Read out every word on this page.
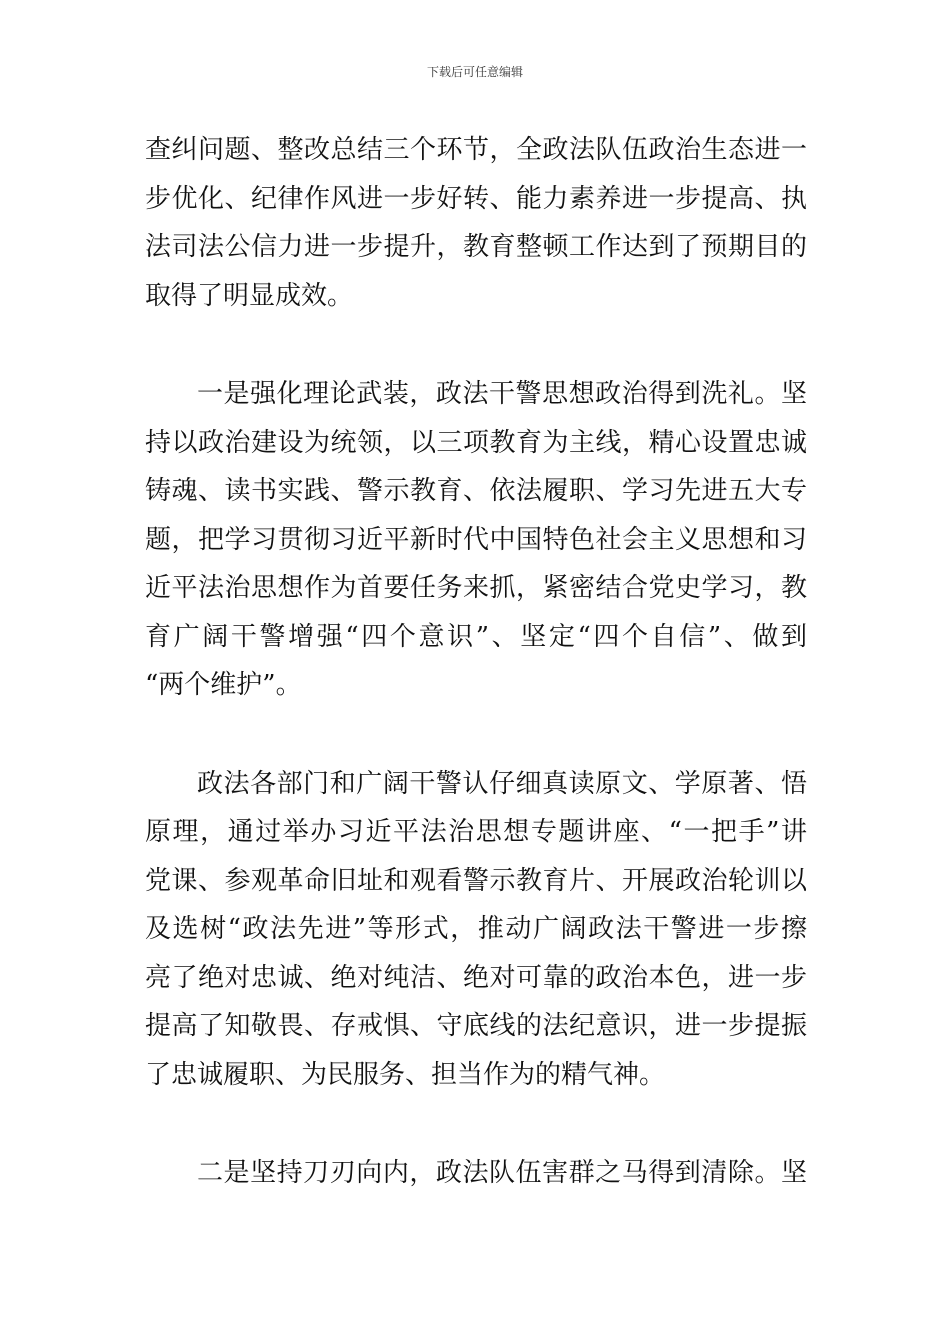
下载后可任意编辑
查纠问题、整改总结三个环节，全政法队伍政治生态进一
步优化、纪律作风进一步好转、能力素养进一步提高、执
法司法公信力进一步提升，教育整顿工作达到了预期目的
取得了明显成效。
一是强化理论武装，政法干警思想政治得到洗礼。坚
持以政治建设为统领，以三项教育为主线，精心设置忠诚
铸魂、读书实践、警示教育、依法履职、学习先进五大专
题，把学习贯彻习近平新时代中国特色社会主义思想和习
近平法治思想作为首要任务来抓，紧密结合党史学习，教
育广阔干警增强“四个意识”、坚定“四个自信”、做到
“两个维护”。
政法各部门和广阔干警认仔细真读原文、学原著、悟
原理，通过举办习近平法治思想专题讲座、“一把手”讲
党课、参观革命旧址和观看警示教育片、开展政治轮训以
及选树“政法先进”等形式，推动广阔政法干警进一步擦
亮了绝对忠诚、绝对纯洁、绝对可靠的政治本色，进一步
提高了知敬畏、存戒惧、守底线的法纪意识，进一步提振
了忠诚履职、为民服务、担当作为的精气神。
二是坚持刀刃向内，政法队伍害群之马得到清除。坚
